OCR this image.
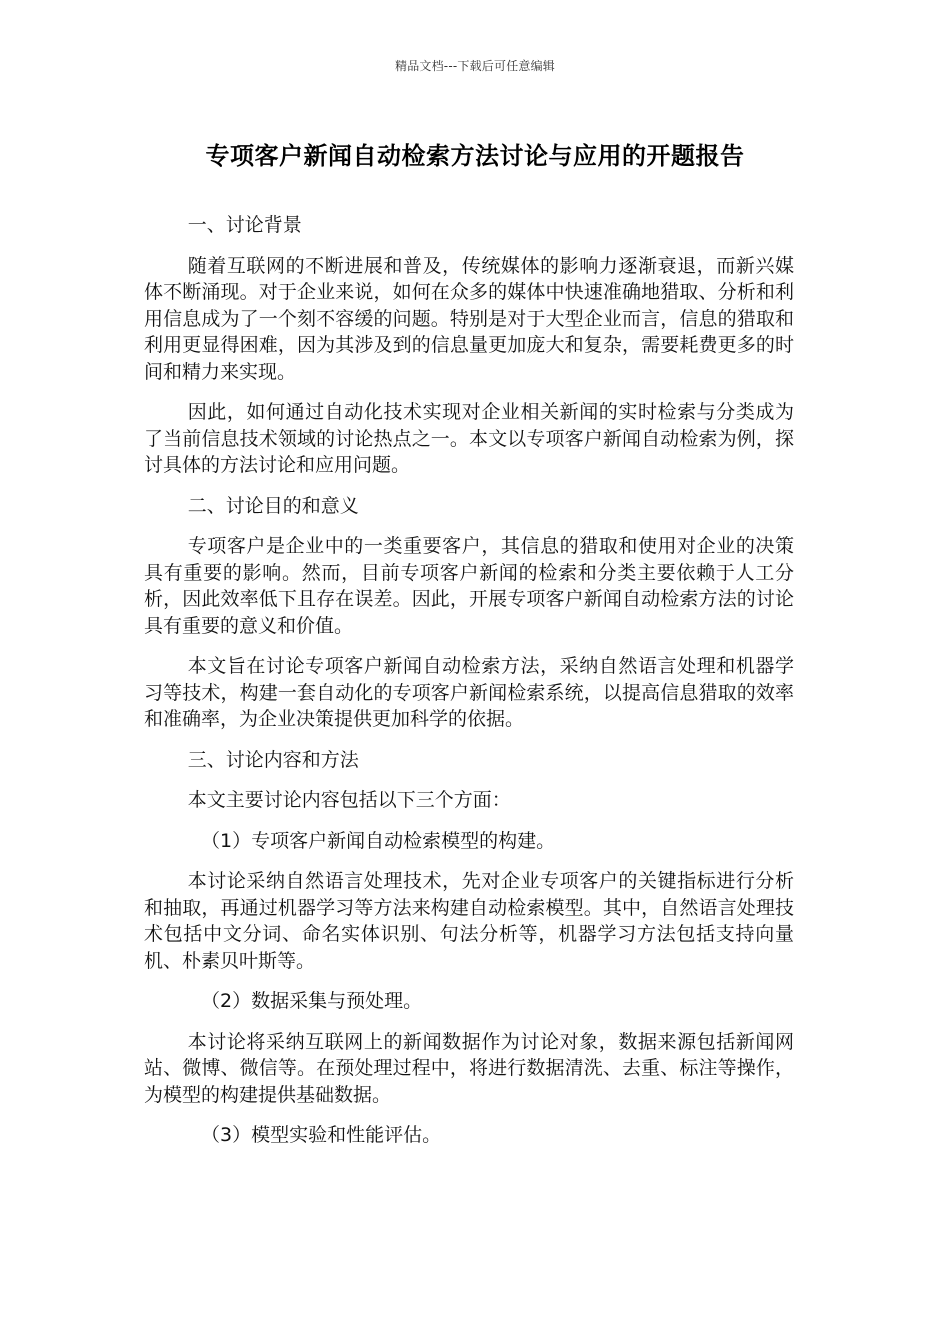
精品文档---下载后可任意编辑
专项客户新闻自动检索方法讨论与应用的开题报告

一、讨论背景

随着互联网的不断进展和普及，传统媒体的影响力逐渐衰退，而新兴媒体不断涌现。对于企业来说，如何在众多的媒体中快速准确地猎取、分析和利用信息成为了一个刻不容缓的问题。特别是对于大型企业而言，信息的猎取和利用更显得困难，因为其涉及到的信息量更加庞大和复杂，需要耗费更多的时间和精力来实现。

因此，如何通过自动化技术实现对企业相关新闻的实时检索与分类成为了当前信息技术领域的讨论热点之一。本文以专项客户新闻自动检索为例，探讨具体的方法讨论和应用问题。

二、讨论目的和意义

专项客户是企业中的一类重要客户，其信息的猎取和使用对企业的决策具有重要的影响。然而，目前专项客户新闻的检索和分类主要依赖于人工分析，因此效率低下且存在误差。因此，开展专项客户新闻自动检索方法的讨论具有重要的意义和价值。

本文旨在讨论专项客户新闻自动检索方法，采纳自然语言处理和机器学习等技术，构建一套自动化的专项客户新闻检索系统，以提高信息猎取的效率和准确率，为企业决策提供更加科学的依据。

三、讨论内容和方法

本文主要讨论内容包括以下三个方面：

（1）专项客户新闻自动检索模型的构建。

本讨论采纳自然语言处理技术，先对企业专项客户的关键指标进行分析和抽取，再通过机器学习等方法来构建自动检索模型。其中，自然语言处理技术包括中文分词、命名实体识别、句法分析等，机器学习方法包括支持向量机、朴素贝叶斯等。

（2）数据采集与预处理。

本讨论将采纳互联网上的新闻数据作为讨论对象，数据来源包括新闻网站、微博、微信等。在预处理过程中，将进行数据清洗、去重、标注等操作，为模型的构建提供基础数据。

（3）模型实验和性能评估。
